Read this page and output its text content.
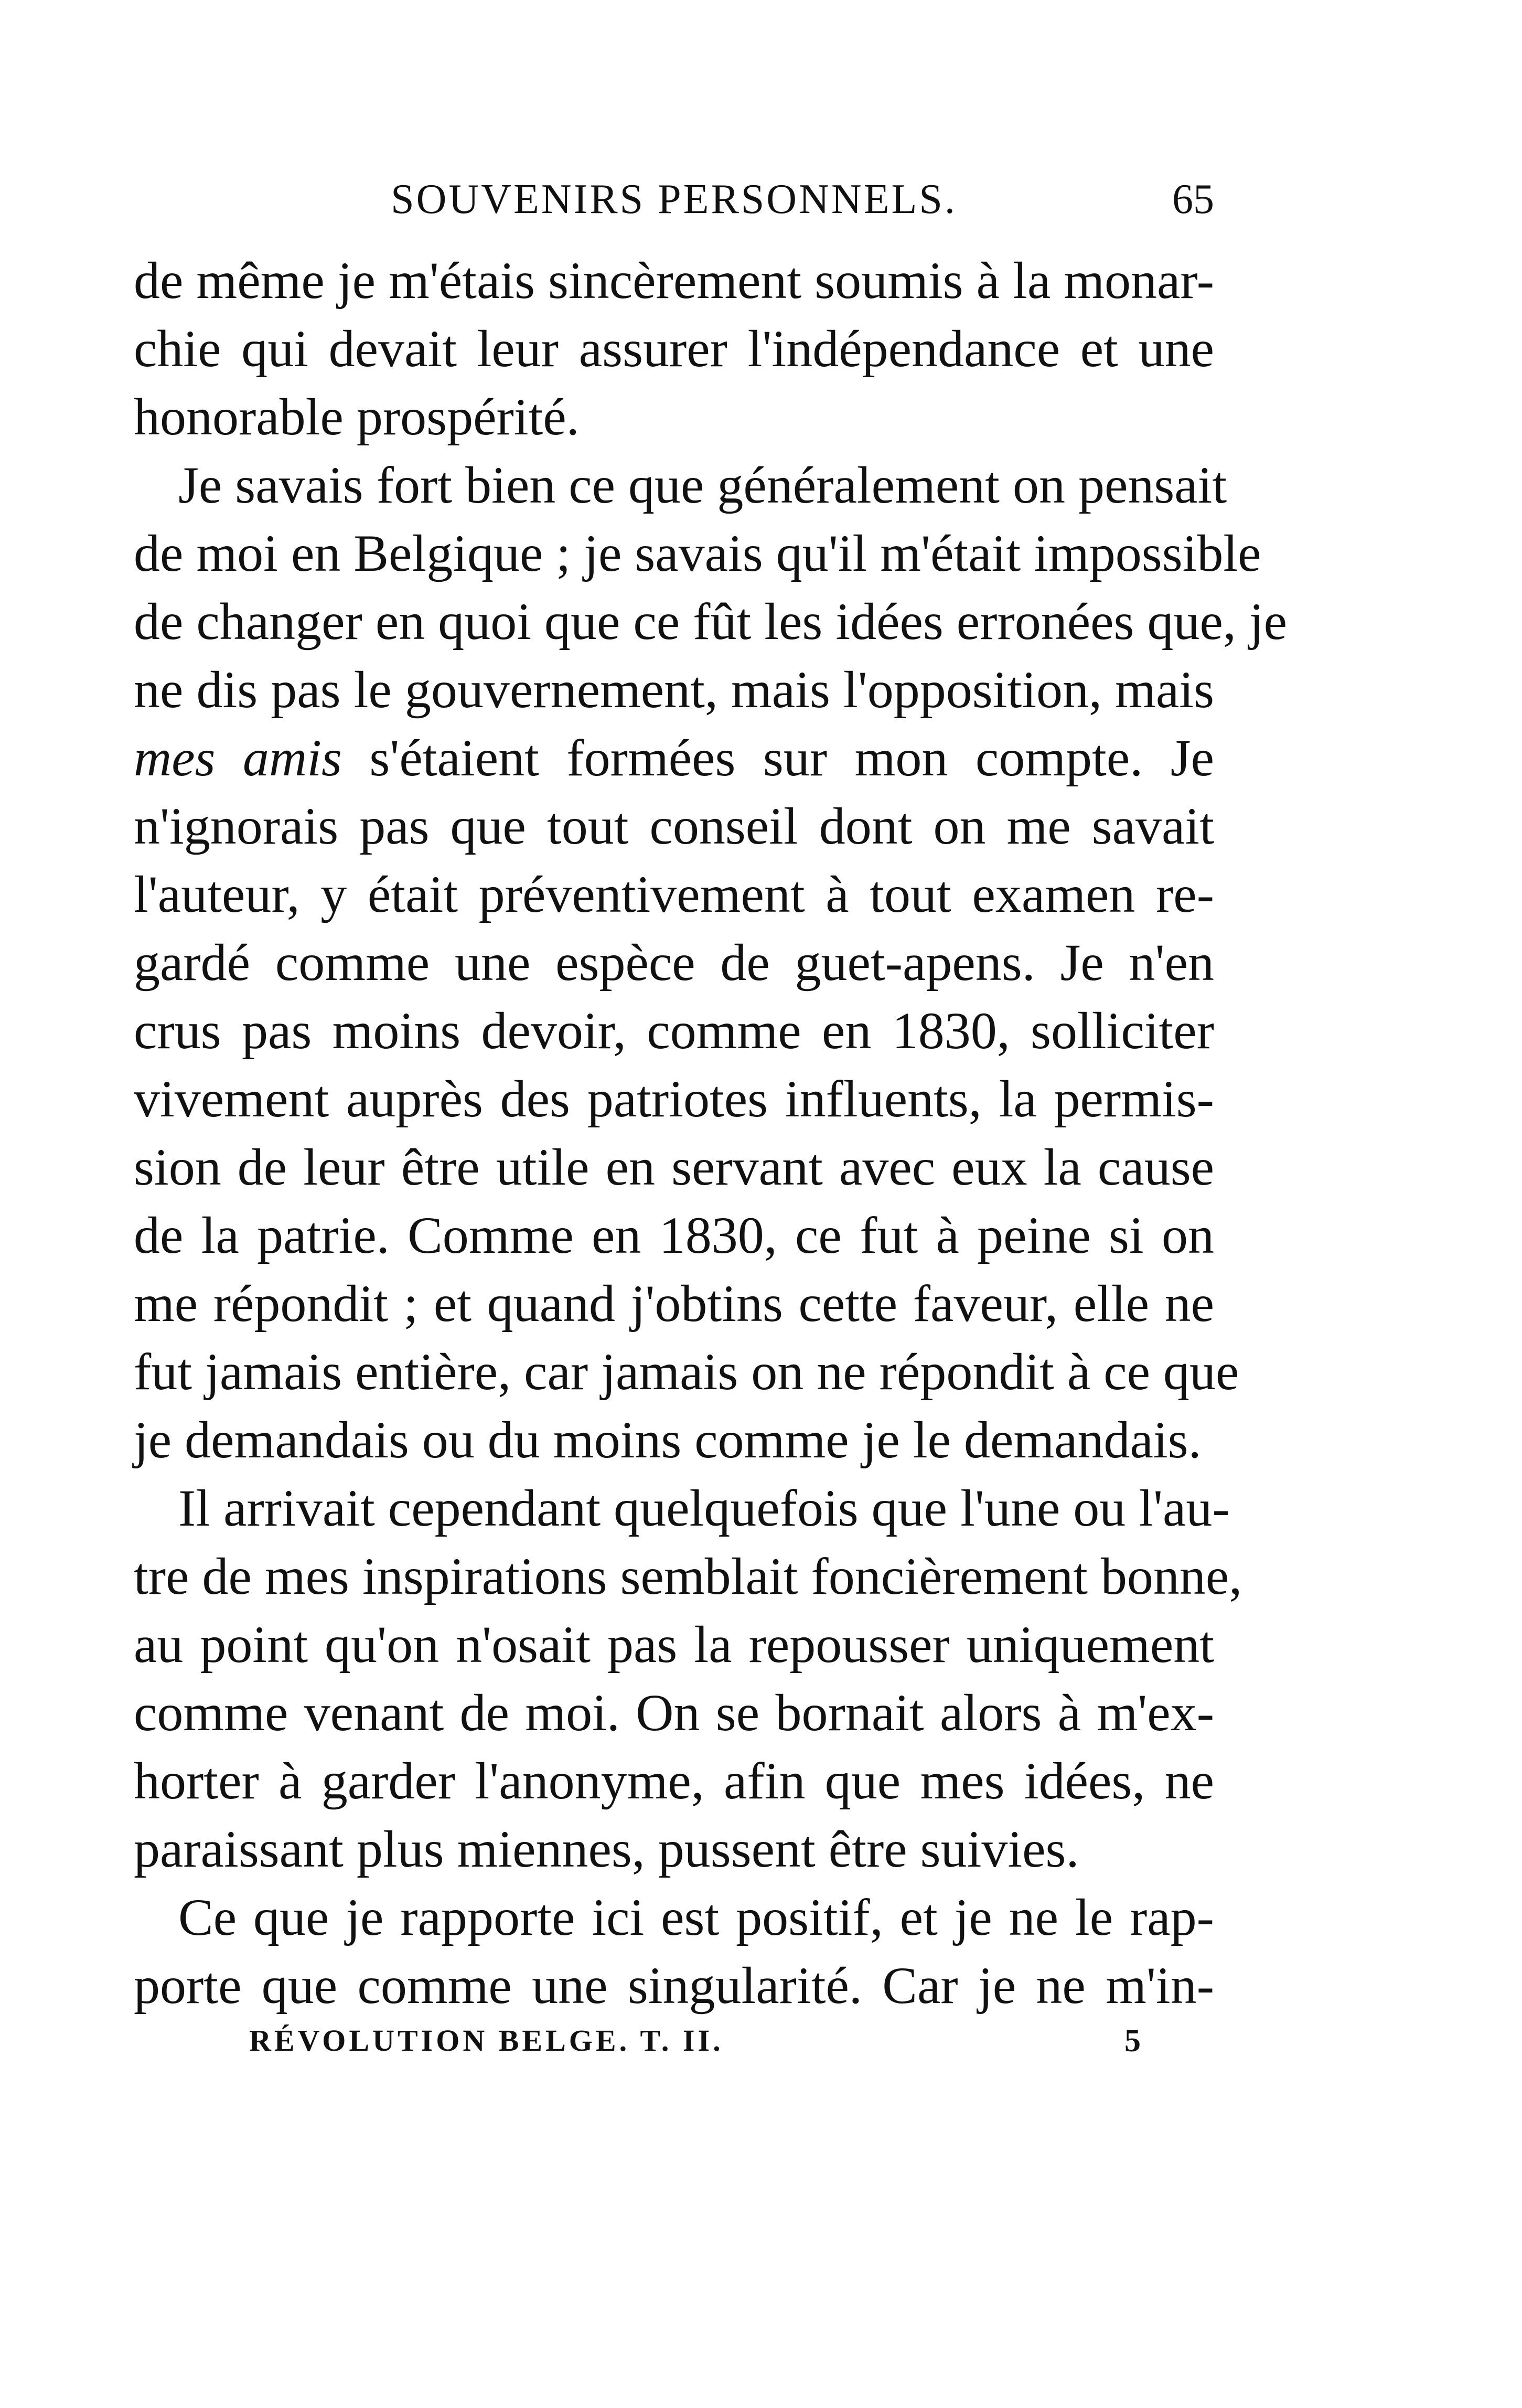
SOUVENIRS PERSONNELS.	65
de même je m'étais sincèrement soumis à la monar-
chie qui devait leur assurer l'indépendance et une
honorable prospérité.
Je savais fort bien ce que généralement on pensait
de moi en Belgique ; je savais qu'il m'était impossible
de changer en quoi que ce fût les idées erronées que, je
ne dis pas le gouvernement, mais l'opposition, mais
mes amis s'étaient formées sur mon compte. Je
n'ignorais pas que tout conseil dont on me savait
l'auteur, y était préventivement à tout examen re-
gardé comme une espèce de guet-apens. Je n'en
crus pas moins devoir, comme en 1830, solliciter
vivement auprès des patriotes influents, la permis-
sion de leur être utile en servant avec eux la cause
de la patrie. Comme en 1830, ce fut à peine si on
me répondit ; et quand j'obtins cette faveur, elle ne
fut jamais entière, car jamais on ne répondit à ce que
je demandais ou du moins comme je le demandais.
Il arrivait cependant quelquefois que l'une ou l'au-
tre de mes inspirations semblait foncièrement bonne,
au point qu'on n'osait pas la repousser uniquement
comme venant de moi. On se bornait alors à m'ex-
horter à garder l'anonyme, afin que mes idées, ne
paraissant plus miennes, pussent être suivies.
Ce que je rapporte ici est positif, et je ne le rap-
porte que comme une singularité. Car je ne m'in-
RÉVOLUTION BELGE. T. II.	5
